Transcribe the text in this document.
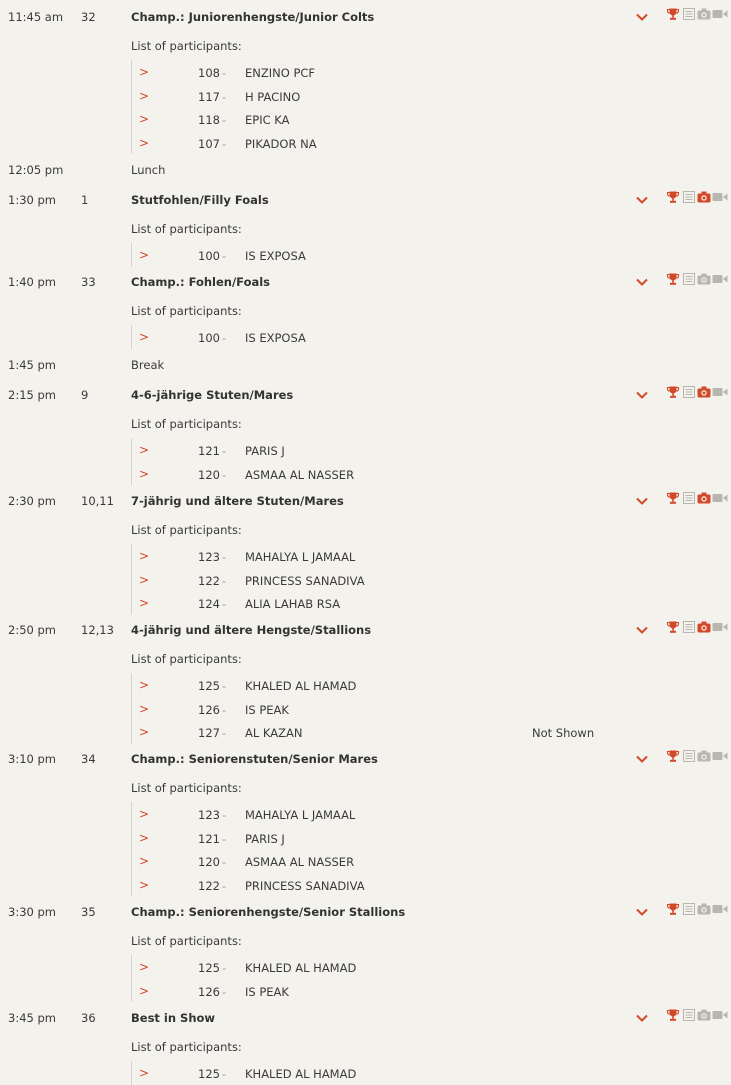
11:45 am 32	Champ.: Juniorenhengste/Junior Colts
List of participants:
>	108 - ENZINO PCF
>	117 - H PACINO
>	118 - EPIC KA
>	107 - PIKADOR NA
12:05 pm	Lunch
1:30 pm 1	Stutfohlen/Filly Foals
List of participants:
>	100 - IS EXPOSA
1:40 pm 33	Champ.: Fohlen/Foals
List of participants:
>	100 - IS EXPOSA
1:45 pm	Break
2:15 pm 9	4-6-jährige Stuten/Mares
List of participants:
>	121 - PARIS J
>	120 - ASMAA AL NASSER
2:30 pm 10,11 7-jährig und ältere Stuten/Mares
List of participants:
>	123 - MAHALYA L JAMAAL
>	122 - PRINCESS SANADIVA
>	124 - ALIA LAHAB RSA
2:50 pm 12,13 4-jährig und ältere Hengste/Stallions
List of participants:
>	125 - KHALED AL HAMAD
>	126 - IS PEAK
>	127 - AL KAZAN	Not Shown
3:10 pm 34	Champ.: Seniorenstuten/Senior Mares
List of participants:
>	123 - MAHALYA L JAMAAL
>	121 - PARIS J
>	120 - ASMAA AL NASSER
>	122 - PRINCESS SANADIVA
3:30 pm 35	Champ.: Seniorenhengste/Senior Stallions
List of participants:
>	125 - KHALED AL HAMAD
>	126 - IS PEAK
3:45 pm 36	Best in Show
List of participants:
>	125 - KHALED AL HAMAD
